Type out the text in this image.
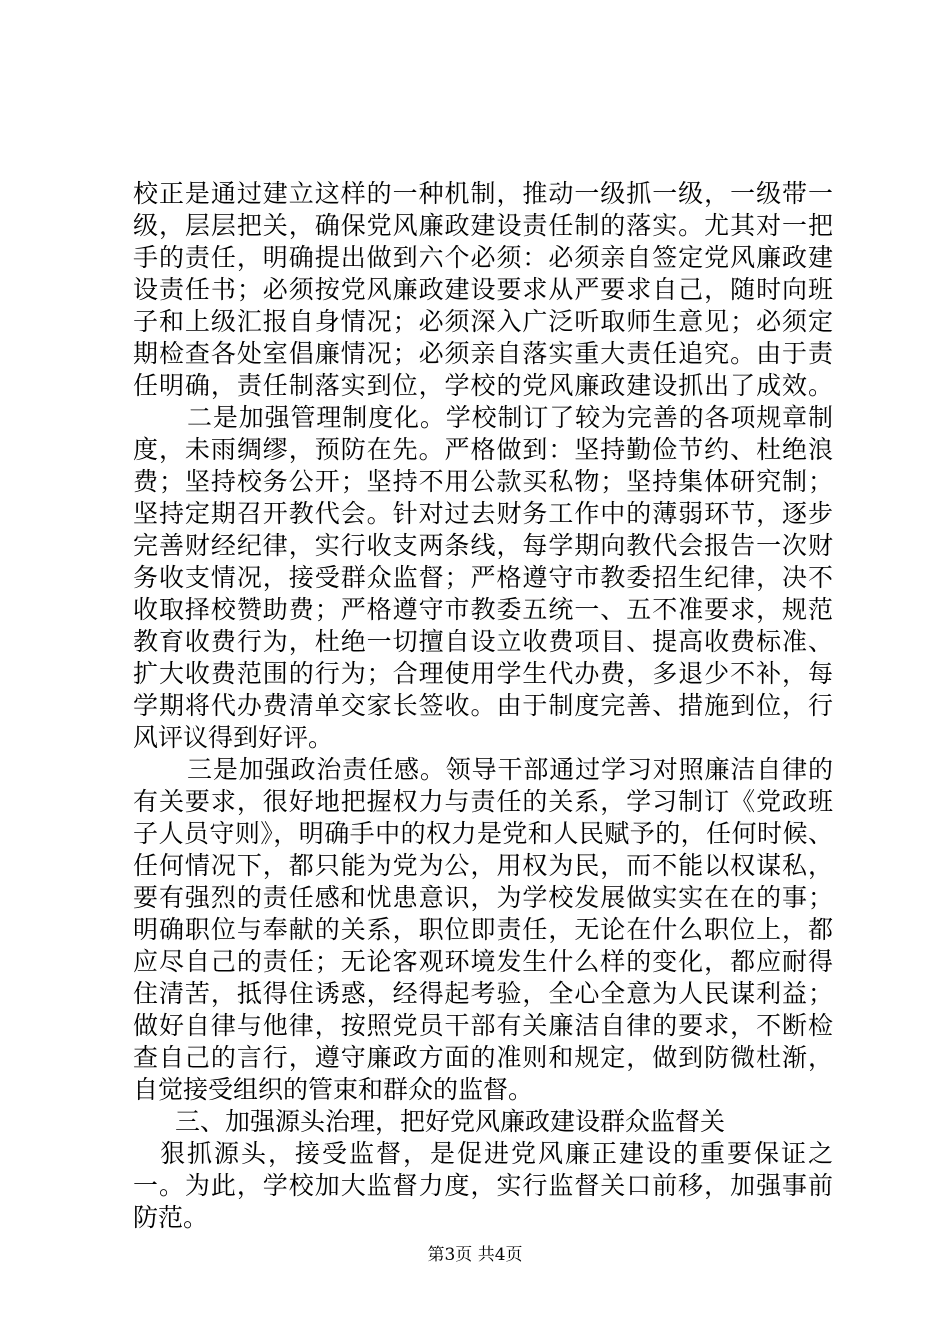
校正是通过建立这样的一种机制，推动一级抓一级，一级带一
级，层层把关，确保党风廉政建设责任制的落实。尤其对一把
手的责任，明确提出做到六个必须：必须亲自签定党风廉政建
设责任书；必须按党风廉政建设要求从严要求自己，随时向班
子和上级汇报自身情况；必须深入广泛听取师生意见；必须定
期检查各处室倡廉情况；必须亲自落实重大责任追究。由于责
任明确，责任制落实到位，学校的党风廉政建设抓出了成效。
二是加强管理制度化。学校制订了较为完善的各项规章制
度，未雨绸缪，预防在先。严格做到：坚持勤俭节约、杜绝浪
费；坚持校务公开；坚持不用公款买私物；坚持集体研究制；
坚持定期召开教代会。针对过去财务工作中的薄弱环节，逐步
完善财经纪律，实行收支两条线，每学期向教代会报告一次财
务收支情况，接受群众监督；严格遵守市教委招生纪律，决不
收取择校赞助费；严格遵守市教委五统一、五不准要求，规范
教育收费行为，杜绝一切擅自设立收费项目、提高收费标准、
扩大收费范围的行为；合理使用学生代办费，多退少不补，每
学期将代办费清单交家长签收。由于制度完善、措施到位，行
风评议得到好评。
三是加强政治责任感。领导干部通过学习对照廉洁自律的
有关要求，很好地把握权力与责任的关系，学习制订《党政班
子人员守则》，明确手中的权力是党和人民赋予的，任何时候、
任何情况下，都只能为党为公，用权为民，而不能以权谋私，
要有强烈的责任感和忧患意识，为学校发展做实实在在的事；
明确职位与奉献的关系，职位即责任，无论在什么职位上，都
应尽自己的责任；无论客观环境发生什么样的变化，都应耐得
住清苦，抵得住诱惑，经得起考验，全心全意为人民谋利益；
做好自律与他律，按照党员干部有关廉洁自律的要求，不断检
查自己的言行，遵守廉政方面的准则和规定，做到防微杜渐，
自觉接受组织的管束和群众的监督。
三、加强源头治理，把好党风廉政建设群众监督关
狠抓源头，接受监督，是促进党风廉正建设的重要保证之
一。为此，学校加大监督力度，实行监督关口前移，加强事前
防范。
第3页 共4页
